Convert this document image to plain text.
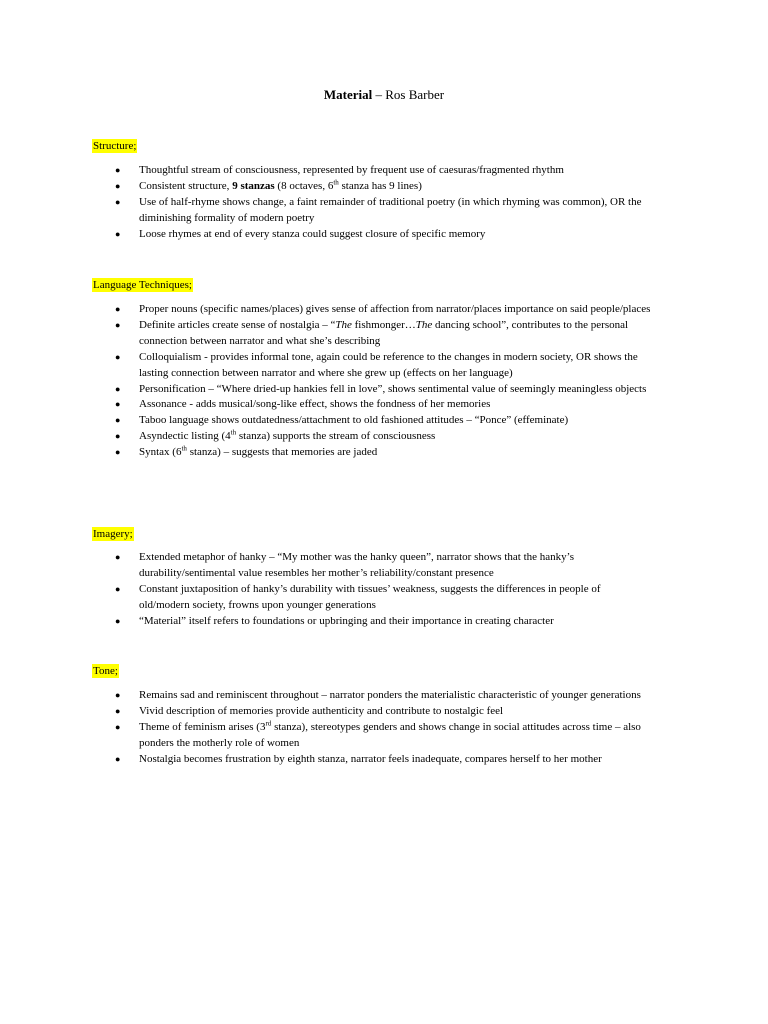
Material – Ros Barber
Structure;
● Thoughtful stream of consciousness, represented by frequent use of caesuras/fragmented rhythm
● Consistent structure, 9 stanzas (8 octaves, 6th stanza has 9 lines)
● Use of half-rhyme shows change, a faint remainder of traditional poetry (in which rhyming was common), OR the diminishing formality of modern poetry
● Loose rhymes at end of every stanza could suggest closure of specific memory
Language Techniques;
● Proper nouns (specific names/places) gives sense of affection from narrator/places importance on said people/places
● Definite articles create sense of nostalgia – “The fishmonger…The dancing school”, contributes to the personal connection between narrator and what she’s describing
● Colloquialism - provides informal tone, again could be reference to the changes in modern society, OR shows the lasting connection between narrator and where she grew up (effects on her language)
● Personification – “Where dried-up hankies fell in love”, shows sentimental value of seemingly meaningless objects
● Assonance - adds musical/song-like effect, shows the fondness of her memories
● Taboo language shows outdatedness/attachment to old fashioned attitudes – “Ponce” (effeminate)
● Asyndectic listing (4th stanza) supports the stream of consciousness
● Syntax (6th stanza) – suggests that memories are jaded
Imagery;
● Extended metaphor of hanky – “My mother was the hanky queen”, narrator shows that the hanky’s durability/sentimental value resembles her mother’s reliability/constant presence
● Constant juxtaposition of hanky’s durability with tissues’ weakness, suggests the differences in people of old/modern society, frowns upon younger generations
● “Material” itself refers to foundations or upbringing and their importance in creating character
Tone;
● Remains sad and reminiscent throughout – narrator ponders the materialistic characteristic of younger generations
● Vivid description of memories provide authenticity and contribute to nostalgic feel
● Theme of feminism arises (3rd stanza), stereotypes genders and shows change in social attitudes across time – also ponders the motherly role of women
● Nostalgia becomes frustration by eighth stanza, narrator feels inadequate, compares herself to her mother
